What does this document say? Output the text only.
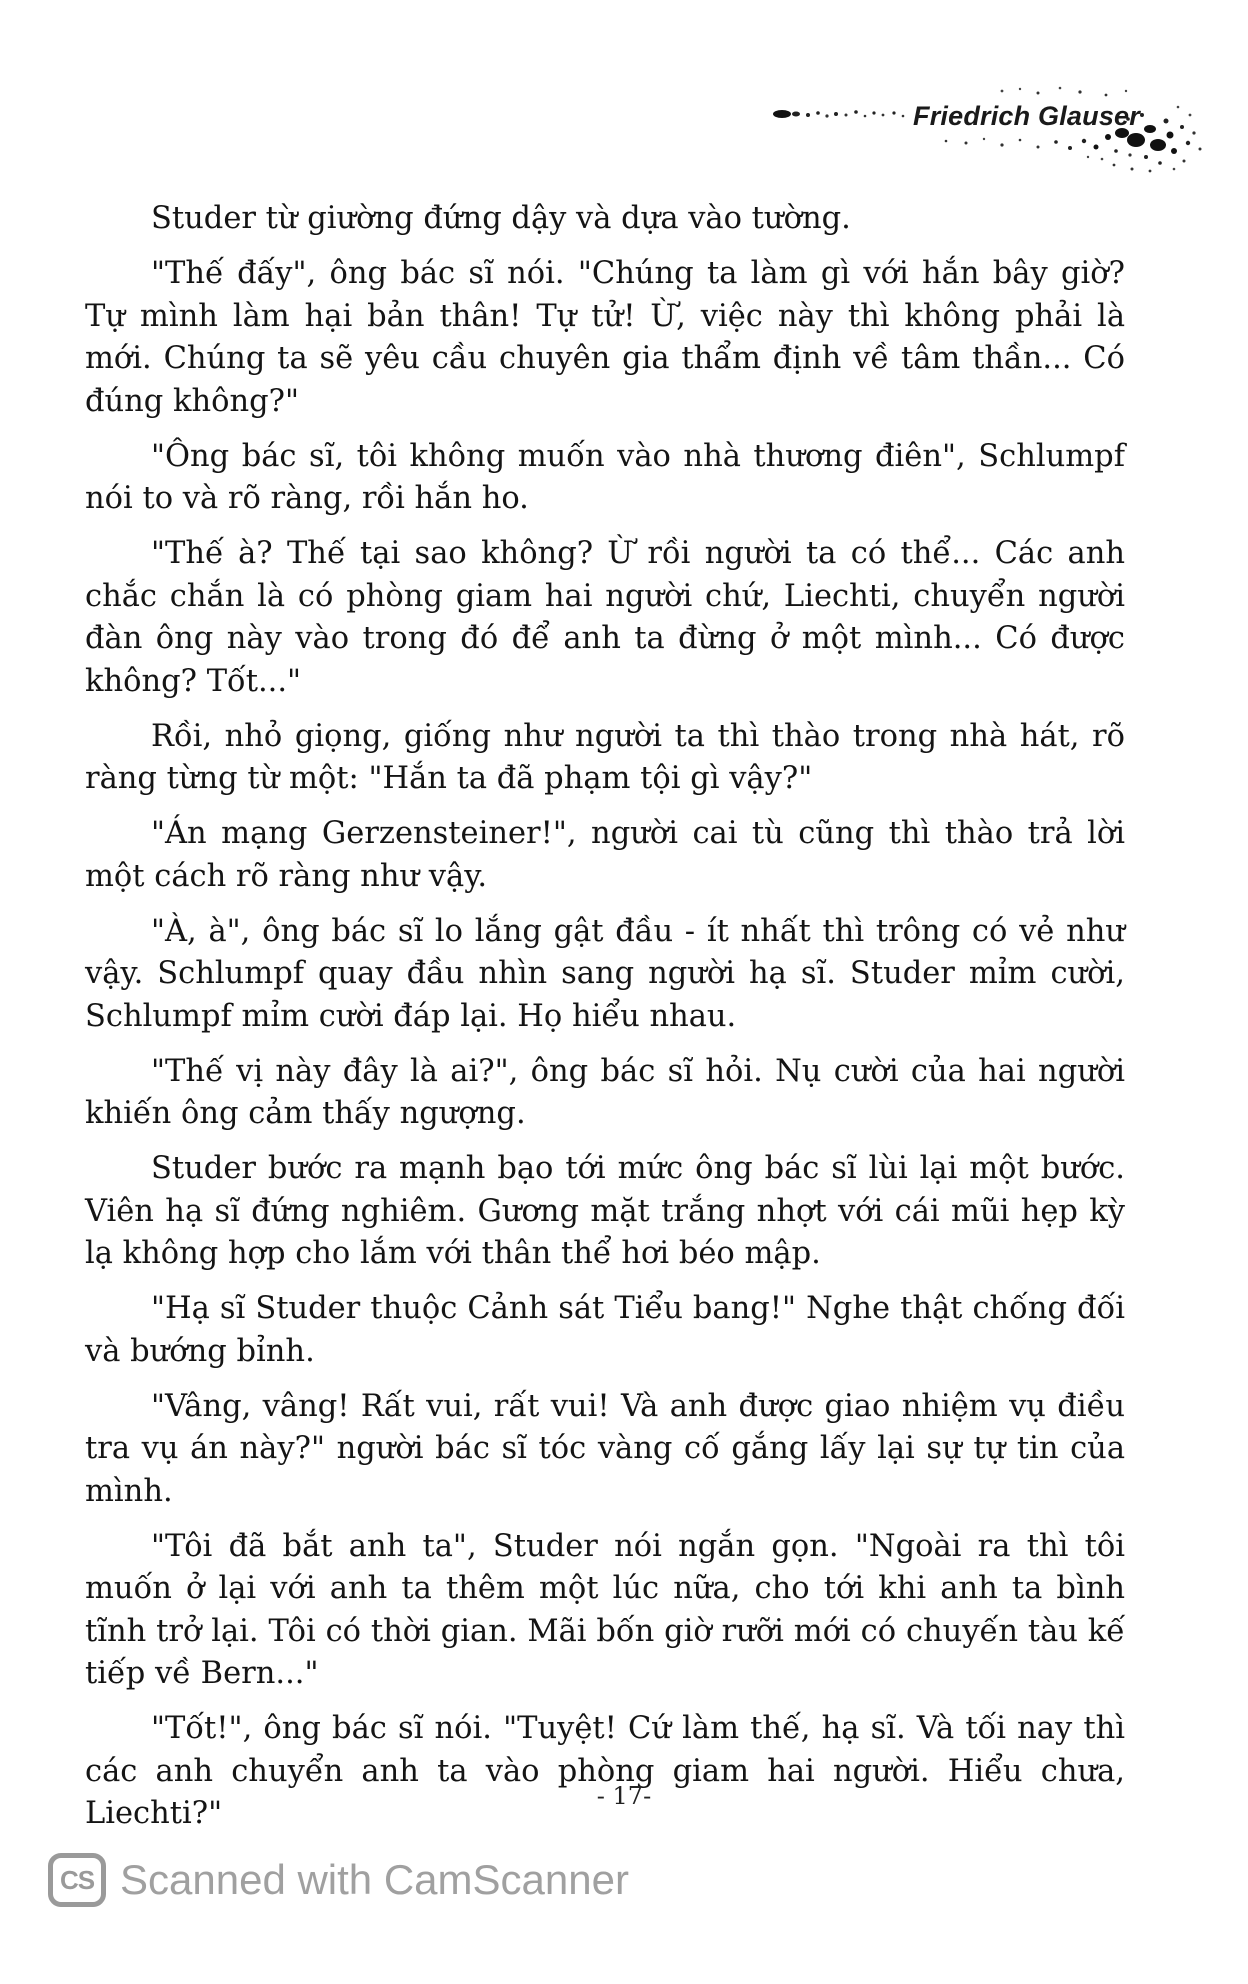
Friedrich Glauser

Studer từ giường đứng dậy và dựa vào tường.

"Thế đấy", ông bác sĩ nói. "Chúng ta làm gì với hắn bây giờ? Tự mình làm hại bản thân! Tự tử! Ừ, việc này thì không phải là mới. Chúng ta sẽ yêu cầu chuyên gia thẩm định về tâm thần... Có đúng không?"

"Ông bác sĩ, tôi không muốn vào nhà thương điên", Schlumpf nói to và rõ ràng, rồi hắn ho.

"Thế à? Thế tại sao không? Ừ rồi người ta có thể... Các anh chắc chắn là có phòng giam hai người chứ, Liechti, chuyển người đàn ông này vào trong đó để anh ta đừng ở một mình... Có được không? Tốt..."

Rồi, nhỏ giọng, giống như người ta thì thào trong nhà hát, rõ ràng từng từ một: "Hắn ta đã phạm tội gì vậy?"

"Án mạng Gerzensteiner!", người cai tù cũng thì thào trả lời một cách rõ ràng như vậy.

"À, à", ông bác sĩ lo lắng gật đầu - ít nhất thì trông có vẻ như vậy. Schlumpf quay đầu nhìn sang người hạ sĩ. Studer mỉm cười, Schlumpf mỉm cười đáp lại. Họ hiểu nhau.

"Thế vị này đây là ai?", ông bác sĩ hỏi. Nụ cười của hai người khiến ông cảm thấy ngượng.

Studer bước ra mạnh bạo tới mức ông bác sĩ lùi lại một bước. Viên hạ sĩ đứng nghiêm. Gương mặt trắng nhợt với cái mũi hẹp kỳ lạ không hợp cho lắm với thân thể hơi béo mập.

"Hạ sĩ Studer thuộc Cảnh sát Tiểu bang!" Nghe thật chống đối và bướng bỉnh.

"Vâng, vâng! Rất vui, rất vui! Và anh được giao nhiệm vụ điều tra vụ án này?" người bác sĩ tóc vàng cố gắng lấy lại sự tự tin của mình.

"Tôi đã bắt anh ta", Studer nói ngắn gọn. "Ngoài ra thì tôi muốn ở lại với anh ta thêm một lúc nữa, cho tới khi anh ta bình tĩnh trở lại. Tôi có thời gian. Mãi bốn giờ rưỡi mới có chuyến tàu kế tiếp về Bern..."

"Tốt!", ông bác sĩ nói. "Tuyệt! Cứ làm thế, hạ sĩ. Và tối nay thì các anh chuyển anh ta vào phòng giam hai người. Hiểu chưa, Liechti?"	- 17-
CS Scanned with CamScanner
